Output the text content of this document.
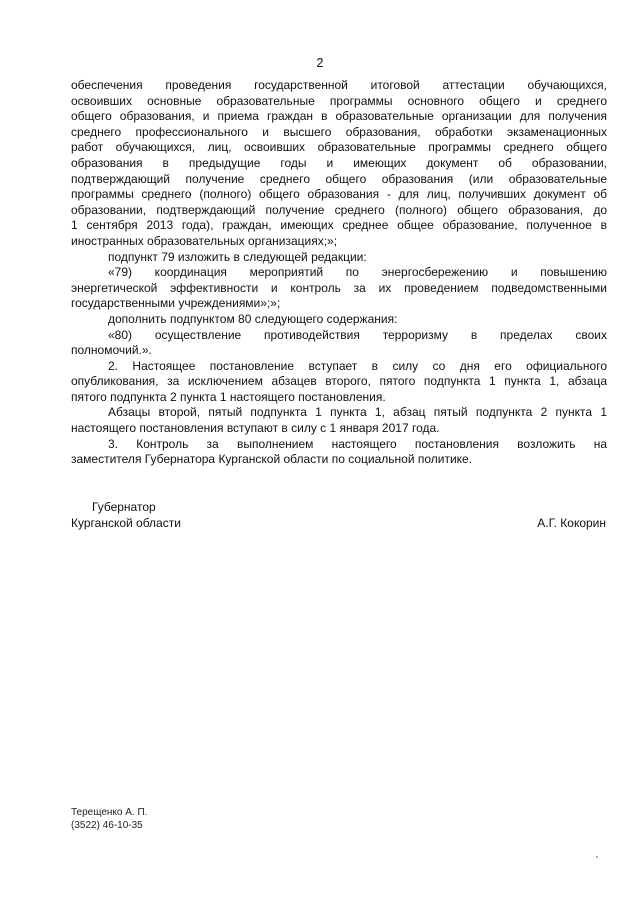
2

обеспечения проведения государственной итоговой аттестации обучающихся,

освоивших основные образовательные программы основного общего и среднего

общего образования, и приема граждан в образовательные организации для получения

среднего профессионального и высшего образования, обработки экзаменационных

работ обучающихся, лиц, освоивших образовательные программы среднего общего

образования в предыдущие годы и имеющих документ об образовании,

подтверждающий получение среднего общего образования (или образовательные

программы среднего (полного) общего образования - для лиц, получивших документ об

образовании, подтверждающий получение среднего (полного) общего образования, до

1 сентября 2013 года), граждан, имеющих среднее общее образование, полученное в

иностранных образовательных организациях;»;

подпункт 79 изложить в следующей редакции:

«79) координация мероприятий по энергосбережению и повышению

энергетической эффективности и контроль за их проведением подведомственными

государственными учреждениями»;»;

дополнить подпунктом 80 следующего содержания:

«80) осуществление противодействия терроризму в пределах своих

полномочий.».

2. Настоящее постановление вступает в силу со дня его официального

опубликования, за исключением абзацев второго, пятого подпункта 1 пункта 1, абзаца

пятого подпункта 2 пункта 1 настоящего постановления.

Абзацы второй, пятый подпункта 1 пункта 1, абзац пятый подпункта 2 пункта 1

настоящего постановления вступают в силу с 1 января 2017 года.

3. Контроль за выполнением настоящего постановления возложить на

заместителя Губернатора Курганской области по социальной политике.

Губернатор
Курганской области	А.Г. Кокорин
Терещенко А. П.
(3522) 46-10-35
